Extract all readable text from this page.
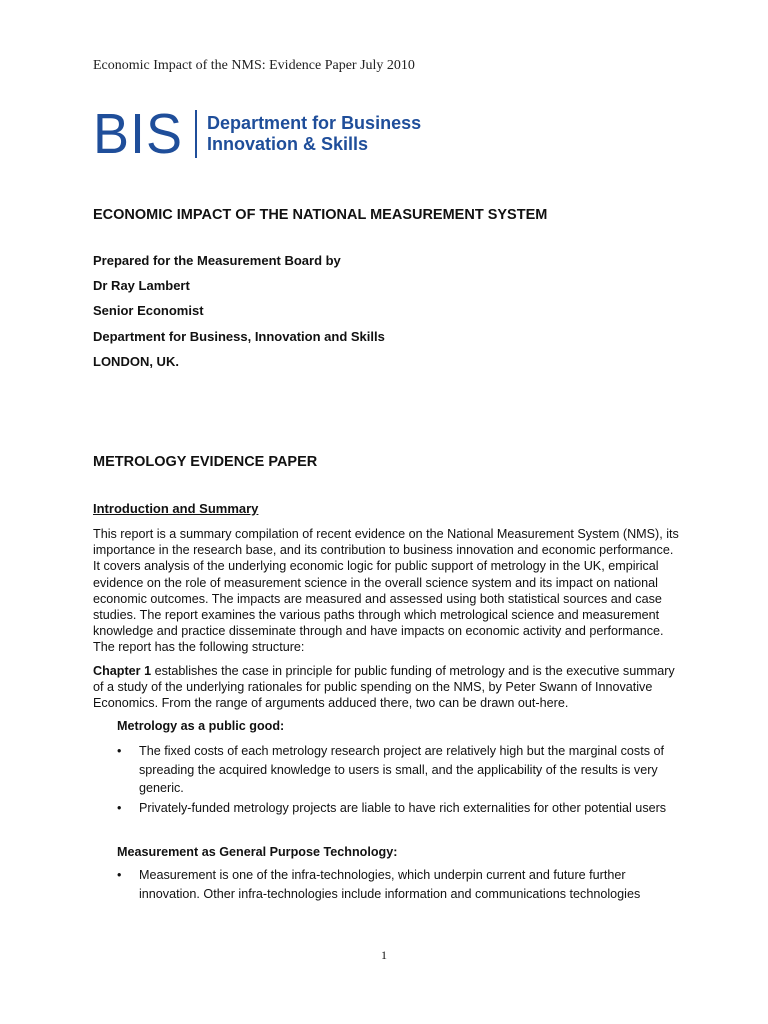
Economic Impact of the NMS: Evidence Paper July 2010
BIS Department for Business
Innovation & Skills
ECONOMIC IMPACT OF THE NATIONAL MEASUREMENT SYSTEM
Prepared for the Measurement Board by
Dr Ray Lambert
Senior Economist
Department for Business, Innovation and Skills
LONDON, UK.
METROLOGY EVIDENCE PAPER
Introduction and Summary
This report is a summary compilation of recent evidence on the National Measurement System (NMS), its importance in the research base, and its contribution to business innovation and economic performance. It covers analysis of the underlying economic logic for public support of metrology in the UK, empirical evidence on the role of measurement science in the overall science system and its impact on national economic outcomes. The impacts are measured and assessed using both statistical sources and case studies. The report examines the various paths through which metrological science and measurement knowledge and practice disseminate through and have impacts on economic activity and performance. The report has the following structure:
Chapter 1 establishes the case in principle for public funding of metrology and is the executive summary of a study of the underlying rationales for public spending on the NMS, by Peter Swann of Innovative Economics. From the range of arguments adduced there, two can be drawn out-here.
Metrology as a public good:
• The fixed costs of each metrology research project are relatively high but the marginal costs of spreading the acquired knowledge to users is small, and the applicability of the results is very generic.
• Privately-funded metrology projects are liable to have rich externalities for other potential users
Measurement as General Purpose Technology:
• Measurement is one of the infra-technologies, which underpin current and future further innovation. Other infra-technologies include information and communications technologies
1
